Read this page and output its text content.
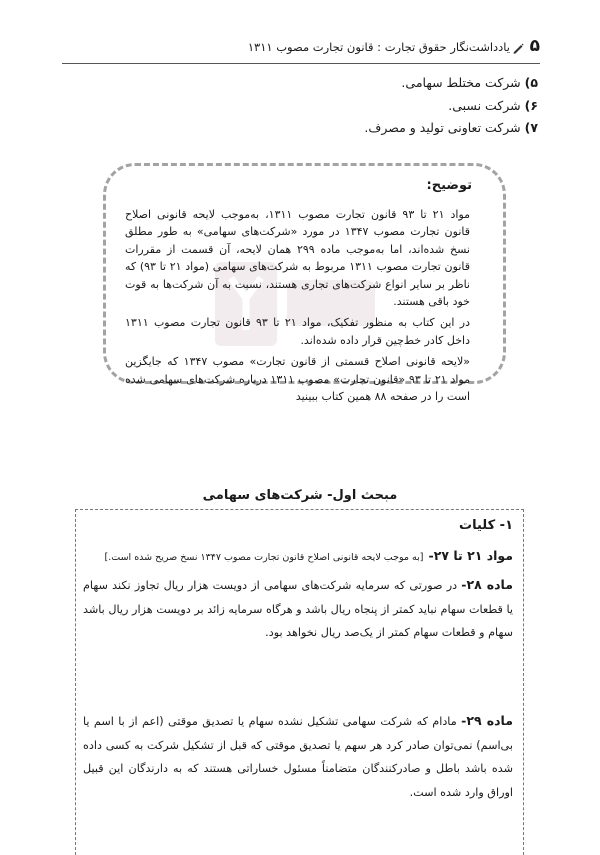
۵
یادداشت‌نگار حقوق تجارت : قانون تجارت مصوب ۱۳۱۱
۵)شرکت مختلط سهامی.
۶)شرکت نسبی.
۷)شرکت تعاونی تولید و مصرف.
توضیح:

مواد ۲۱ تا ۹۳ قانون تجارت مصوب ۱۳۱۱، به‌موجب لایحه قانونی اصلاح قانون تجارت مصوب ۱۳۴۷ در مورد «شرکت‌های سهامی» به طور مطلق نسخ شده‌اند، اما به‌موجب ماده ۲۹۹ همان لایحه، آن قسمت از مقررات قانون تجارت مصوب ۱۳۱۱ مربوط به شرکت‌های سهامی (مواد ۲۱ تا ۹۳) که ناظر بر سایر انواع شرکت‌های تجاری هستند، نسبت به آن شرکت‌ها به قوت خود باقی هستند.

در این کتاب به منظور تفکیک، مواد ۲۱ تا ۹۳ قانون تجارت مصوب ۱۳۱۱ داخل کادر خط‌چین قرار داده شده‌اند.

«لایحه قانونی اصلاح قسمتی از قانون تجارت» مصوب ۱۳۴۷ که جایگزین مواد ۲۱ تا ۹۳ «قانون تجارت» مصوب ۱۳۱۱ درباره شرکت‌های سهامی شده است را در صفحه ۸۸ همین کتاب ببینید

مبحث اول- شرکت‌های سهامی
۱- کلیات
مواد ۲۱ تا ۲۷- [به موجب لایحه قانونی اصلاح قانون تجارت مصوب ۱۳۴۷ نسخ صریح شده است.]

ماده ۲۸- در صورتی که سرمایه شرکت‌های سهامی از دویست هزار ریال تجاوز نکند سهام یا قطعات سهام نباید کمتر از پنجاه ریال باشد و هرگاه سرمایه زائد بر دویست هزار ریال باشد سهام و قطعات سهام کمتر از یک‌صد ریال نخواهد بود.

ماده ۲۹- مادام که شرکت سهامی تشکیل نشده سهام یا تصدیق موقتی (اعم از با اسم یا بی‌اسم) نمی‌توان صادر کرد هر سهم یا تصدیق موقتی که قبل از تشکیل شرکت به کسی داده شده باشد باطل و صادرکنندگان متضامناً مسئول خساراتی هستند که به دارندگان این قبیل اوراق وارد شده است.
